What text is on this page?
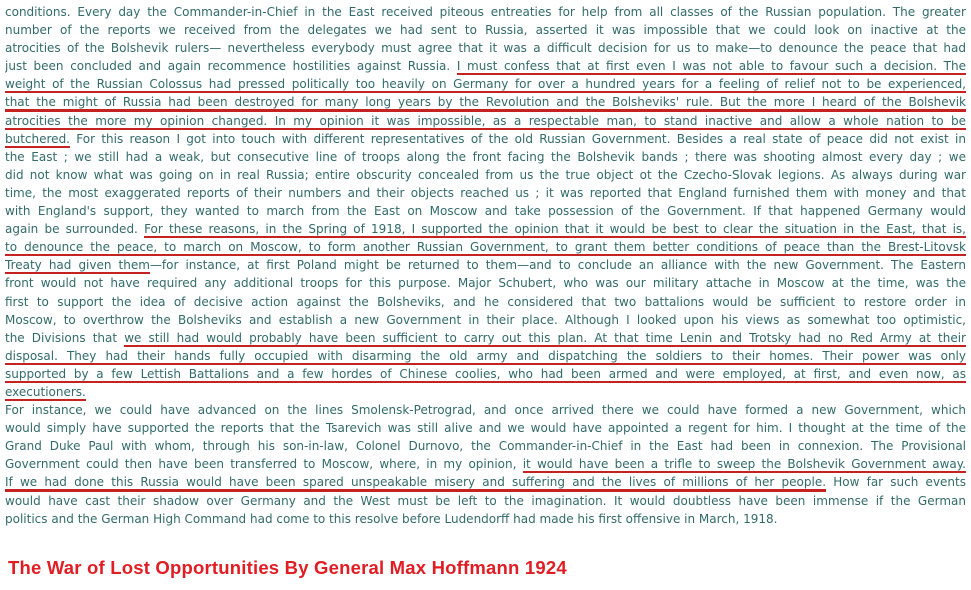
conditions. Every day the Commander-in-Chief in the East received piteous entreaties for help from all classes of the Russian population. The greater
number of the reports we received from the delegates we had sent to Russia, asserted it was impossible that we could look on inactive at the
atrocities of the Bolshevik rulers— nevertheless everybody must agree that it was a difficult decision for us to make—to denounce the peace that had
just been concluded and again recommence hostilities against Russia. I must confess that at first even I was not able to favour such a decision. The
weight of the Russian Colossus had pressed politically too heavily on Germany for over a hundred years for a feeling of relief not to be experienced,
that the might of Russia had been destroyed for many long years by the Revolution and the Bolsheviks' rule. But the more I heard of the Bolshevik
atrocities the more my opinion changed. In my opinion it was impossible, as a respectable man, to stand inactive and allow a whole nation to be
butchered. For this reason I got into touch with different representatives of the old Russian Government. Besides a real state of peace did not exist in
the East ; we still had a weak, but consecutive line of troops along the front facing the Bolshevik bands ; there was shooting almost every day ; we
did not know what was going on in real Russia; entire obscurity concealed from us the true object ot the Czecho-Slovak legions. As always during war
time, the most exaggerated reports of their numbers and their objects reached us ; it was reported that England furnished them with money and that
with England's support, they wanted to march from the East on Moscow and take possession of the Government. If that happened Germany would
again be surrounded. For these reasons, in the Spring of 1918, I supported the opinion that it would be best to clear the situation in the East, that is,
to denounce the peace, to march on Moscow, to form another Russian Government, to grant them better conditions of peace than the Brest-Litovsk
Treaty had given them—for instance, at first Poland might be returned to them—and to conclude an alliance with the new Government. The Eastern
front would not have required any additional troops for this purpose. Major Schubert, who was our military attache in Moscow at the time, was the
first to support the idea of decisive action against the Bolsheviks, and he considered that two battalions would be sufficient to restore order in
Moscow, to overthrow the Bolsheviks and establish a new Government in their place. Although I looked upon his views as somewhat too optimistic,
the Divisions that we still had would probably have been sufficient to carry out this plan. At that time Lenin and Trotsky had no Red Army at their
disposal. They had their hands fully occupied with disarming the old army and dispatching the soldiers to their homes. Their power was only
supported by a few Lettish Battalions and a few hordes of Chinese coolies, who had been armed and were employed, at first, and even now, as
executioners.
For instance, we could have advanced on the lines Smolensk-Petrograd, and once arrived there we could have formed a new Government, which
would simply have supported the reports that the Tsarevich was still alive and we would have appointed a regent for him. I thought at the time of the
Grand Duke Paul with whom, through his son-in-law, Colonel Durnovo, the Commander-in-Chief in the East had been in connexion. The Provisional
Government could then have been transferred to Moscow, where, in my opinion, it would have been a trifle to sweep the Bolshevik Government away.
If we had done this Russia would have been spared unspeakable misery and suffering and the lives of millions of her people. How far such events
would have cast their shadow over Germany and the West must be left to the imagination. It would doubtless have been immense if the German
politics and the German High Command had come to this resolve before Ludendorff had made his first offensive in March, 1918.
The War of Lost Opportunities By General Max Hoffmann 1924
